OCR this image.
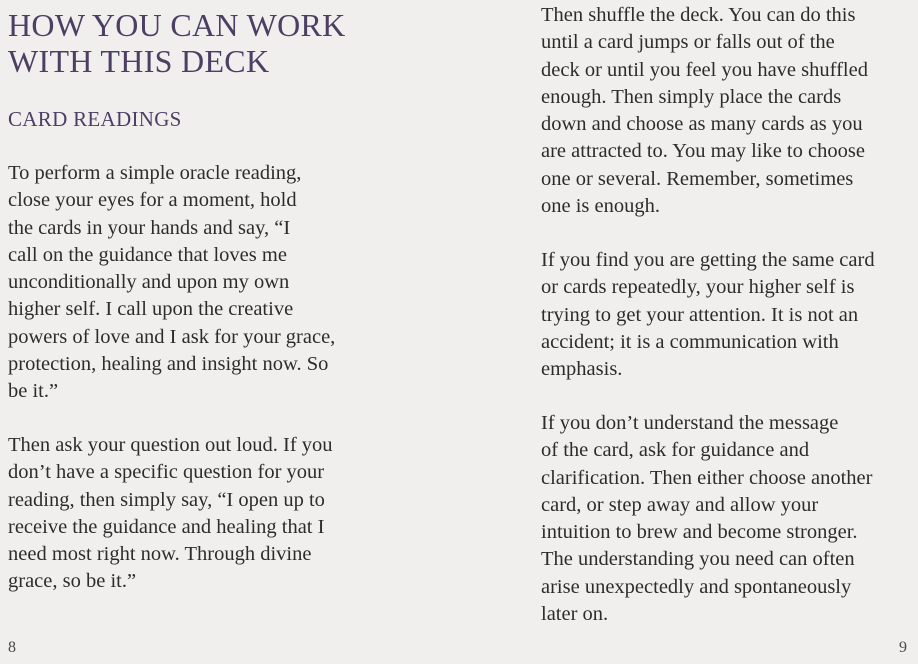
HOW YOU CAN WORK
WITH THIS DECK
CARD READINGS

To perform a simple oracle reading,
close your eyes for a moment, hold
the cards in your hands and say, “I
call on the guidance that loves me
unconditionally and upon my own
higher self. I call upon the creative
powers of love and I ask for your grace,
protection, healing and insight now. So
be it.”

Then ask your question out loud. If you
don’t have a specific question for your
reading, then simply say, “I open up to
receive the guidance and healing that I
need most right now. Through divine
grace, so be it.”

8

Then shuffle the deck. You can do this
until a card jumps or falls out of the
deck or until you feel you have shuffled
enough. Then simply place the cards
down and choose as many cards as you
are attracted to. You may like to choose
one or several. Remember, sometimes
one is enough.

If you find you are getting the same card
or cards repeatedly, your higher self is
trying to get your attention. It is not an
accident; it is a communication with
emphasis.

If you don’t understand the message
of the card, ask for guidance and
clarification. Then either choose another
card, or step away and allow your
intuition to brew and become stronger.
The understanding you need can often
arise unexpectedly and spontaneously
later on.

9
